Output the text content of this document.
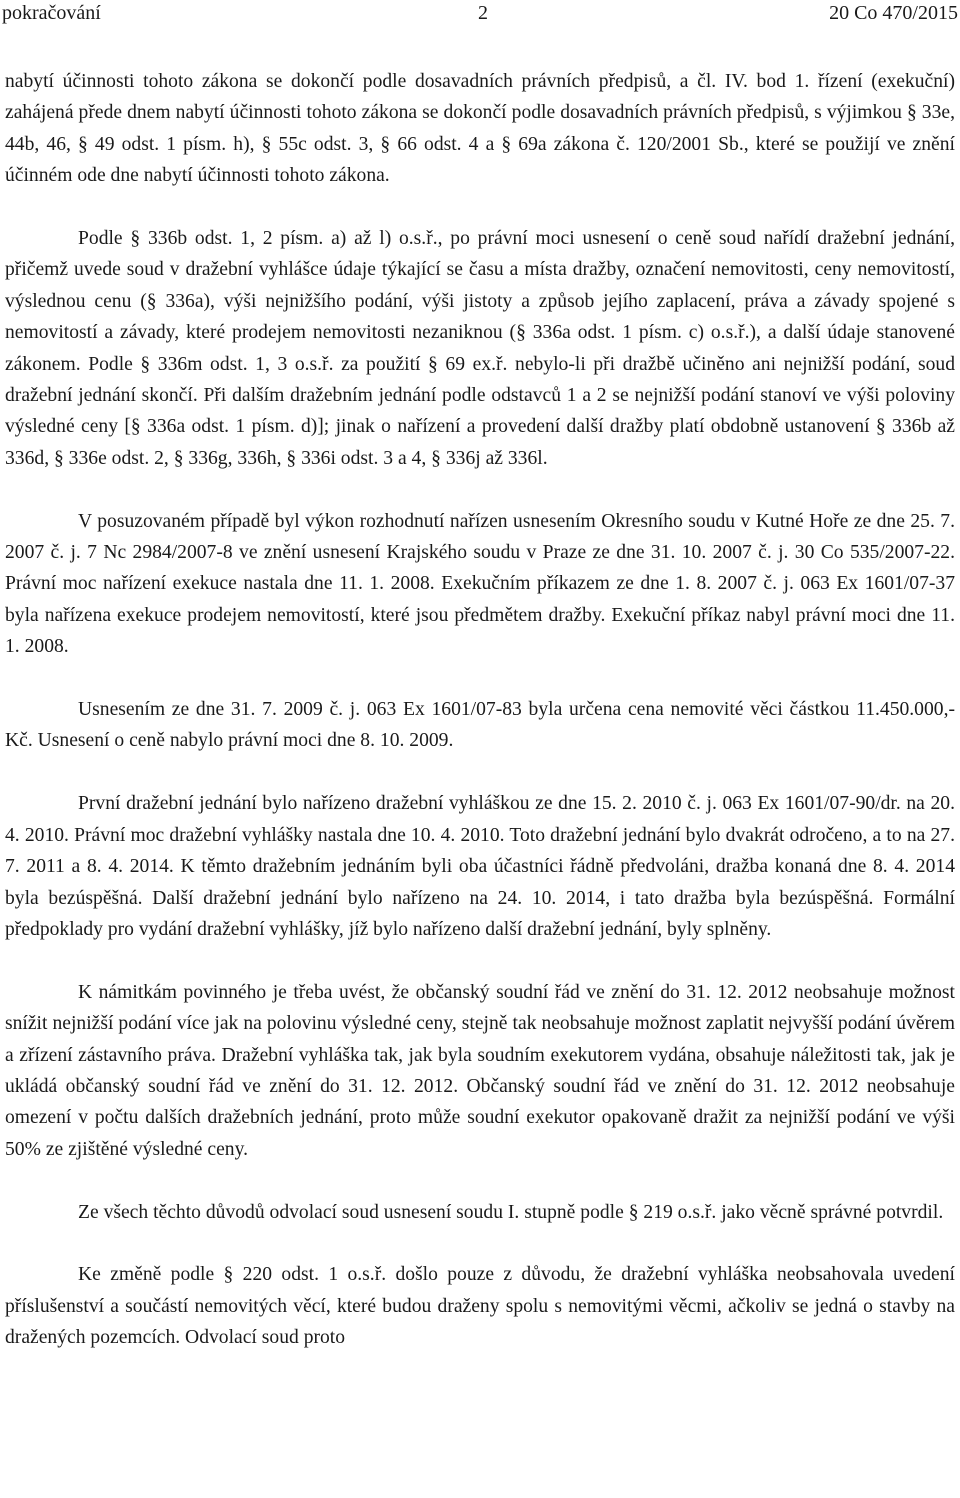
pokračování	2	20 Co 470/2015

nabytí účinnosti tohoto zákona se dokončí podle dosavadních právních předpisů, a čl. IV. bod 1. řízení (exekuční) zahájená přede dnem nabytí účinnosti tohoto zákona se dokončí podle dosavadních právních předpisů, s výjimkou § 33e, 44b, 46, § 49 odst. 1 písm. h), § 55c odst. 3, § 66 odst. 4 a § 69a zákona č. 120/2001 Sb., které se použijí ve znění účinném ode dne nabytí účinnosti tohoto zákona.

Podle § 336b odst. 1, 2 písm. a) až l) o.s.ř., po právní moci usnesení o ceně soud nařídí dražební jednání, přičemž uvede soud v dražební vyhlášce údaje týkající se času a místa dražby, označení nemovitosti, ceny nemovitostí, výslednou cenu (§ 336a), výši nejnižšího podání, výši jistoty a způsob jejího zaplacení, práva a závady spojené s nemovitostí a závady, které prodejem nemovitosti nezaniknou (§ 336a odst. 1 písm. c) o.s.ř.), a další údaje stanovené zákonem. Podle § 336m odst. 1, 3 o.s.ř. za použití § 69 ex.ř. nebylo-li při dražbě učiněno ani nejnižší podání, soud dražební jednání skončí. Při dalším dražebním jednání podle odstavců 1 a 2 se nejnižší podání stanoví ve výši poloviny výsledné ceny [§ 336a odst. 1 písm. d)]; jinak o nařízení a provedení další dražby platí obdobně ustanovení § 336b až 336d, § 336e odst. 2, § 336g, 336h, § 336i odst. 3 a 4, § 336j až 336l.

V posuzovaném případě byl výkon rozhodnutí nařízen usnesením Okresního soudu v Kutné Hoře ze dne 25. 7. 2007 č. j. 7 Nc 2984/2007-8 ve znění usnesení Krajského soudu v Praze ze dne 31. 10. 2007 č. j. 30 Co 535/2007-22. Právní moc nařízení exekuce nastala dne 11. 1. 2008. Exekučním příkazem ze dne 1. 8. 2007 č. j. 063 Ex 1601/07-37 byla nařízena exekuce prodejem nemovitostí, které jsou předmětem dražby. Exekuční příkaz nabyl právní moci dne 11. 1. 2008.

Usnesením ze dne 31. 7. 2009 č. j. 063 Ex 1601/07-83 byla určena cena nemovité věci částkou 11.450.000,- Kč. Usnesení o ceně nabylo právní moci dne 8. 10. 2009.

První dražební jednání bylo nařízeno dražební vyhláškou ze dne 15. 2. 2010 č. j. 063 Ex 1601/07-90/dr. na 20. 4. 2010. Právní moc dražební vyhlášky nastala dne 10. 4. 2010. Toto dražební jednání bylo dvakrát odročeno, a to na 27. 7. 2011 a 8. 4. 2014. K těmto dražebním jednáním byli oba účastníci řádně předvoláni, dražba konaná dne 8. 4. 2014 byla bezúspěšná. Další dražební jednání bylo nařízeno na 24. 10. 2014, i tato dražba byla bezúspěšná. Formální předpoklady pro vydání dražební vyhlášky, jíž bylo nařízeno další dražební jednání, byly splněny.

K námitkám povinného je třeba uvést, že občanský soudní řád ve znění do 31. 12. 2012 neobsahuje možnost snížit nejnižší podání více jak na polovinu výsledné ceny, stejně tak neobsahuje možnost zaplatit nejvyšší podání úvěrem a zřízení zástavního práva. Dražební vyhláška tak, jak byla soudním exekutorem vydána, obsahuje náležitosti tak, jak je ukládá občanský soudní řád ve znění do 31. 12. 2012. Občanský soudní řád ve znění do 31. 12. 2012 neobsahuje omezení v počtu dalších dražebních jednání, proto může soudní exekutor opakovaně dražit za nejnižší podání ve výši 50% ze zjištěné výsledné ceny.

Ze všech těchto důvodů odvolací soud usnesení soudu I. stupně podle § 219 o.s.ř. jako věcně správné potvrdil.

Ke změně podle § 220 odst. 1 o.s.ř. došlo pouze z důvodu, že dražební vyhláška neobsahovala uvedení příslušenství a součástí nemovitých věcí, které budou draženy spolu s nemovitými věcmi, ačkoliv se jedná o stavby na dražených pozemcích. Odvolací soud proto
